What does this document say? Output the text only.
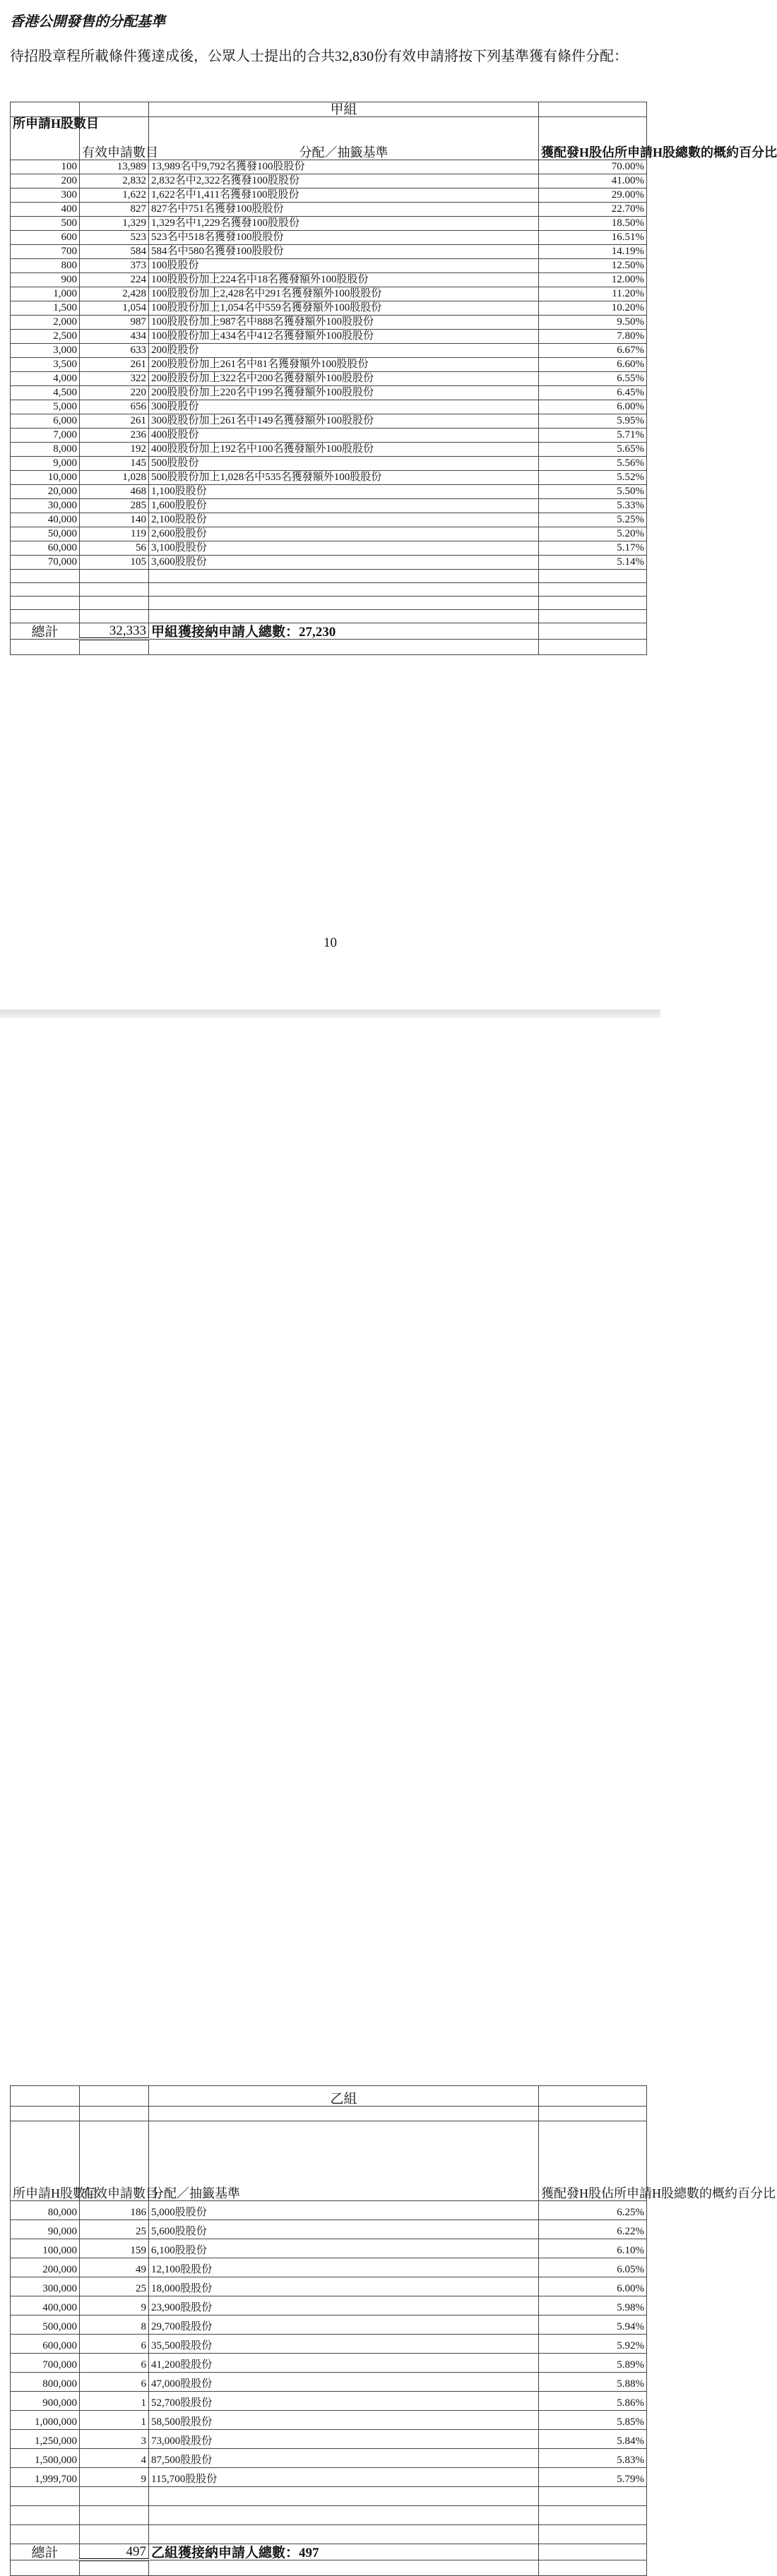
香港公開發售的分配基準
待招股章程所載條件獲達成後，公眾人士提出的合共32,830份有效申請將按下列基準獲有條件分配：
		甲組	
所申請H股數目	有效申請數目	分配／抽籤基準	獲配發H股佔所申請H股總數的概約百分比
100	13,989	13,989名中9,792名獲發100股股份	70.00%
200	2,832	2,832名中2,322名獲發100股股份	41.00%
300	1,622	1,622名中1,411名獲發100股股份	29.00%
400	827	827名中751名獲發100股股份	22.70%
500	1,329	1,329名中1,229名獲發100股股份	18.50%
600	523	523名中518名獲發100股股份	16.51%
700	584	584名中580名獲發100股股份	14.19%
800	373	100股股份	12.50%
900	224	100股股份加上224名中18名獲發額外100股股份	12.00%
1,000	2,428	100股股份加上2,428名中291名獲發額外100股股份	11.20%
1,500	1,054	100股股份加上1,054名中559名獲發額外100股股份	10.20%
2,000	987	100股股份加上987名中888名獲發額外100股股份	9.50%
2,500	434	100股股份加上434名中412名獲發額外100股股份	7.80%
3,000	633	200股股份	6.67%
3,500	261	200股股份加上261名中81名獲發額外100股股份	6.60%
4,000	322	200股股份加上322名中200名獲發額外100股股份	6.55%
4,500	220	200股股份加上220名中199名獲發額外100股股份	6.45%
5,000	656	300股股份	6.00%
6,000	261	300股股份加上261名中149名獲發額外100股股份	5.95%
7,000	236	400股股份	5.71%
8,000	192	400股股份加上192名中100名獲發額外100股股份	5.65%
9,000	145	500股股份	5.56%
10,000	1,028	500股股份加上1,028名中535名獲發額外100股股份	5.52%
20,000	468	1,100股股份	5.50%
30,000	285	1,600股股份	5.33%
40,000	140	2,100股股份	5.25%
50,000	119	2,600股股份	5.20%
60,000	56	3,100股股份	5.17%
70,000	105	3,600股股份	5.14%

總計	32,333	甲組獲接納申請人總數：27,230	

10
		乙組	

所申請H股數目	有效申請數目	分配／抽籤基準	獲配發H股佔所申請H股總數的概約百分比
80,000	186	5,000股股份	6.25%
90,000	25	5,600股股份	6.22%
100,000	159	6,100股股份	6.10%
200,000	49	12,100股股份	6.05%
300,000	25	18,000股股份	6.00%
400,000	9	23,900股股份	5.98%
500,000	8	29,700股股份	5.94%
600,000	6	35,500股股份	5.92%
700,000	6	41,200股股份	5.89%
800,000	6	47,000股股份	5.88%
900,000	1	52,700股股份	5.86%
1,000,000	1	58,500股股份	5.85%
1,250,000	3	73,000股股份	5.84%
1,500,000	4	87,500股股份	5.83%
1,999,700	9	115,700股股份	5.79%

總計	497	乙組獲接納申請人總數：497	
